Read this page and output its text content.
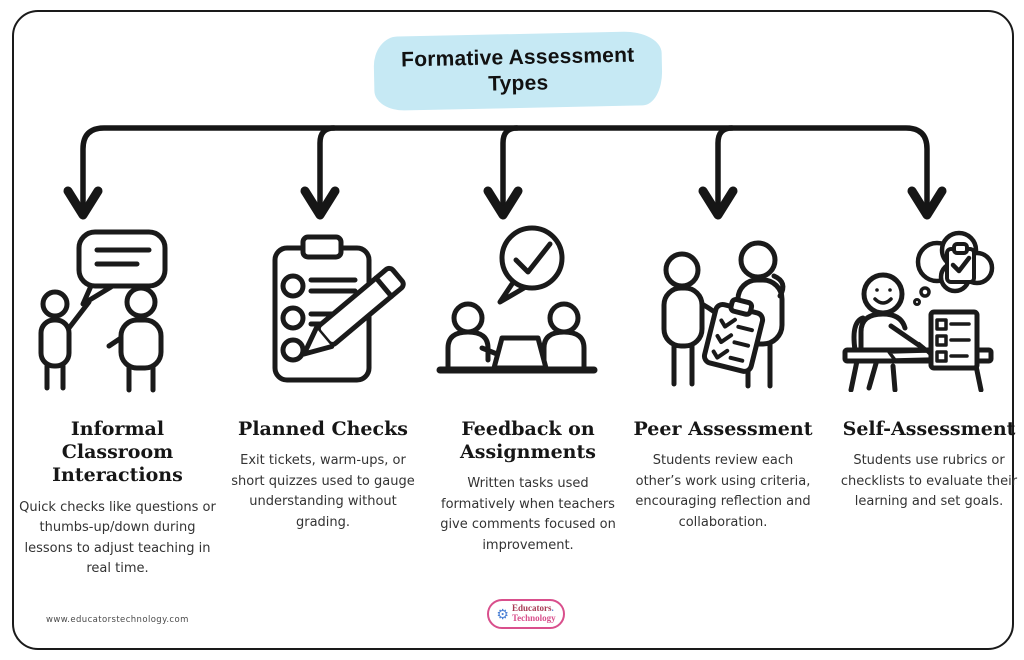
Formative Assessment Types
Informal Classroom Interactions

Quick checks like questions or thumbs-up/down during lessons to adjust teaching in real time.

Planned Checks

Exit tickets, warm-ups, or short quizzes used to gauge understanding without grading.

Feedback on Assignments

Written tasks used formatively when teachers give comments focused on improvement.

Peer Assessment

Students review each other’s work using criteria, encouraging reflection and collaboration.

Self-Assessment

Students use rubrics or checklists to evaluate their learning and set goals.

www.educatorstechnology.com	⚙ Educators.
Technology
